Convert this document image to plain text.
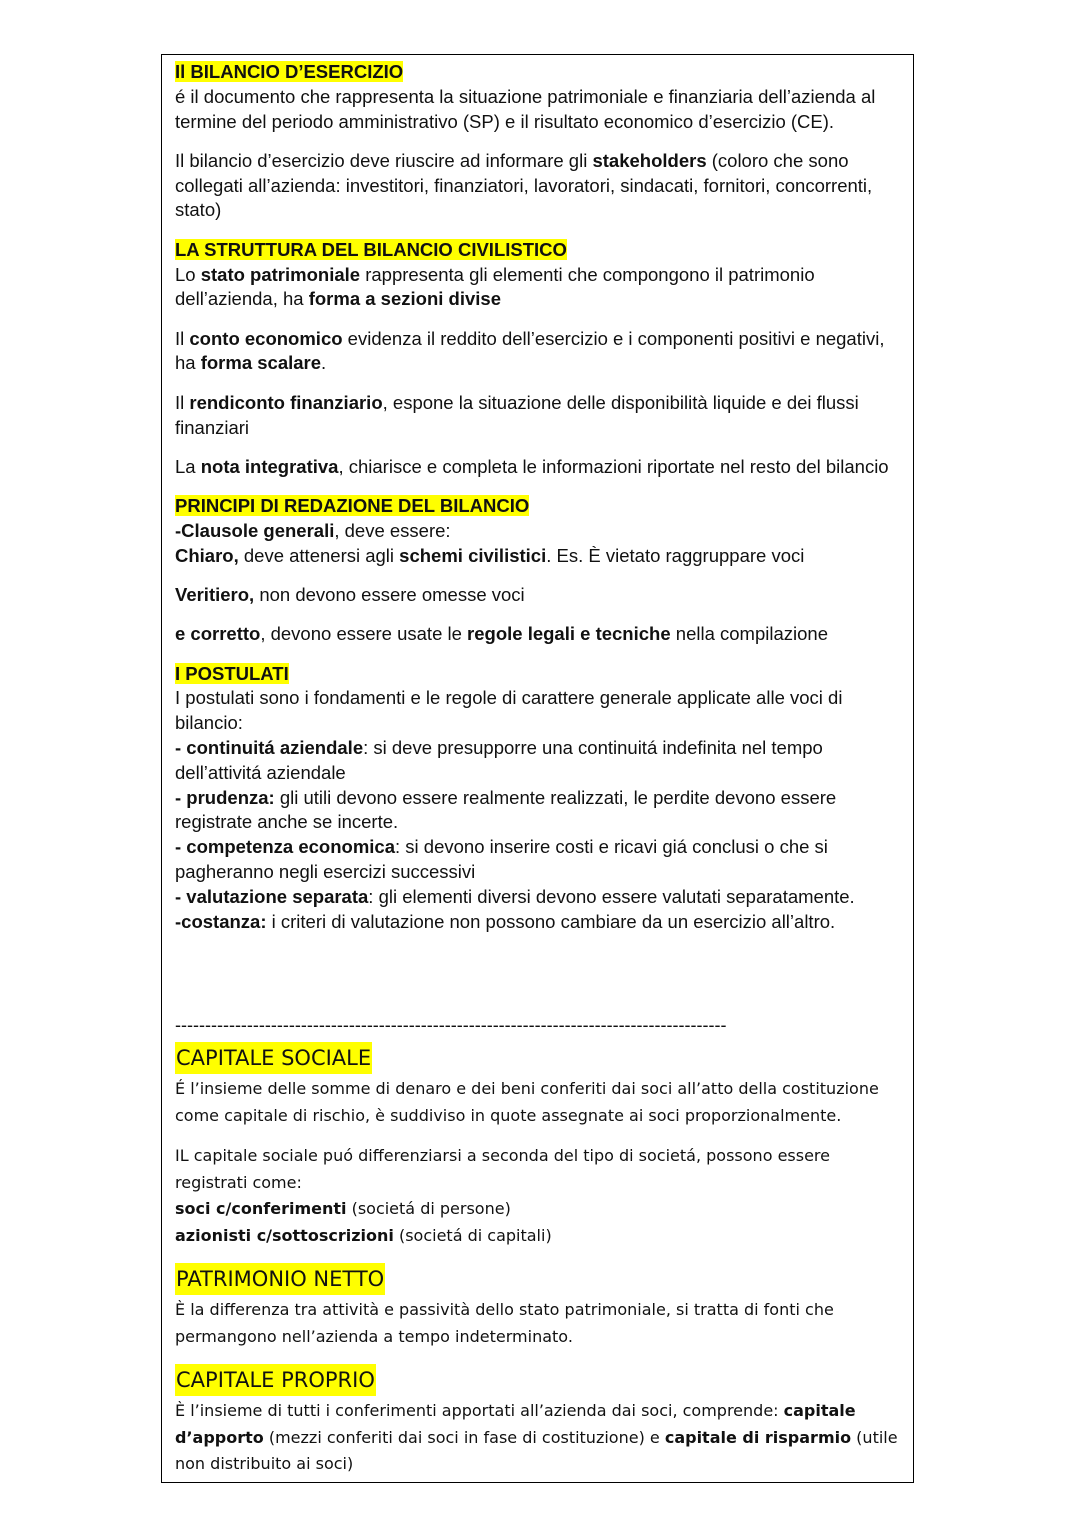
Il BILANCIO D’ESERCIZIO

é il documento che rappresenta la situazione patrimoniale e finanziaria dell’azienda al termine del periodo amministrativo (SP) e il risultato economico d’esercizio (CE).

Il bilancio d’esercizio deve riuscire ad informare gli stakeholders (coloro che sono collegati all’azienda: investitori, finanziatori, lavoratori, sindacati, fornitori, concorrenti, stato)

LA STRUTTURA DEL BILANCIO CIVILISTICO

Lo stato patrimoniale rappresenta gli elementi che compongono il patrimonio dell’azienda, ha forma a sezioni divise

Il conto economico evidenza il reddito dell’esercizio e i componenti positivi e negativi, ha forma scalare.

Il rendiconto finanziario, espone la situazione delle disponibilità liquide e dei flussi finanziari

La nota integrativa, chiarisce e completa le informazioni riportate nel resto del bilancio

PRINCIPI DI REDAZIONE DEL BILANCIO
-Clausole generali, deve essere:

Chiaro, deve attenersi agli schemi civilistici. Es. È vietato raggruppare voci

Veritiero, non devono essere omesse voci

e corretto, devono essere usate le regole legali e tecniche nella compilazione

I POSTULATI
I postulati sono i fondamenti e le regole di carattere generale applicate alle voci di bilancio:
- continuitá aziendale: si deve presupporre una continuitá indefinita nel tempo dell’attivitá aziendale
- prudenza: gli utili devono essere realmente realizzati, le perdite devono essere registrate anche se incerte.
- competenza economica: si devono inserire costi e ricavi giá conclusi o che si pagheranno negli esercizi successivi
- valutazione separata: gli elementi diversi devono essere valutati separatamente.
-costanza: i criteri di valutazione non possono cambiare da un esercizio all’altro.
--------------------------------------------------------------------------------------------
CAPITALE SOCIALE

É l’insieme delle somme di denaro e dei beni conferiti dai soci all’atto della costituzione come capitale di rischio, è suddiviso in quote assegnate ai soci proporzionalmente.

IL capitale sociale puó differenziarsi a seconda del tipo di societá, possono essere registrati come:
soci c/conferimenti (societá di persone)

azionisti c/sottoscrizioni (societá di capitali)

PATRIMONIO NETTO

È la differenza tra attività e passività dello stato patrimoniale, si tratta di fonti che permangono nell’azienda a tempo indeterminato.

CAPITALE PROPRIO

È l’insieme di tutti i conferimenti apportati all’azienda dai soci, comprende: capitale d’apporto (mezzi conferiti dai soci in fase di costituzione) e capitale di risparmio (utile non distribuito ai soci)
